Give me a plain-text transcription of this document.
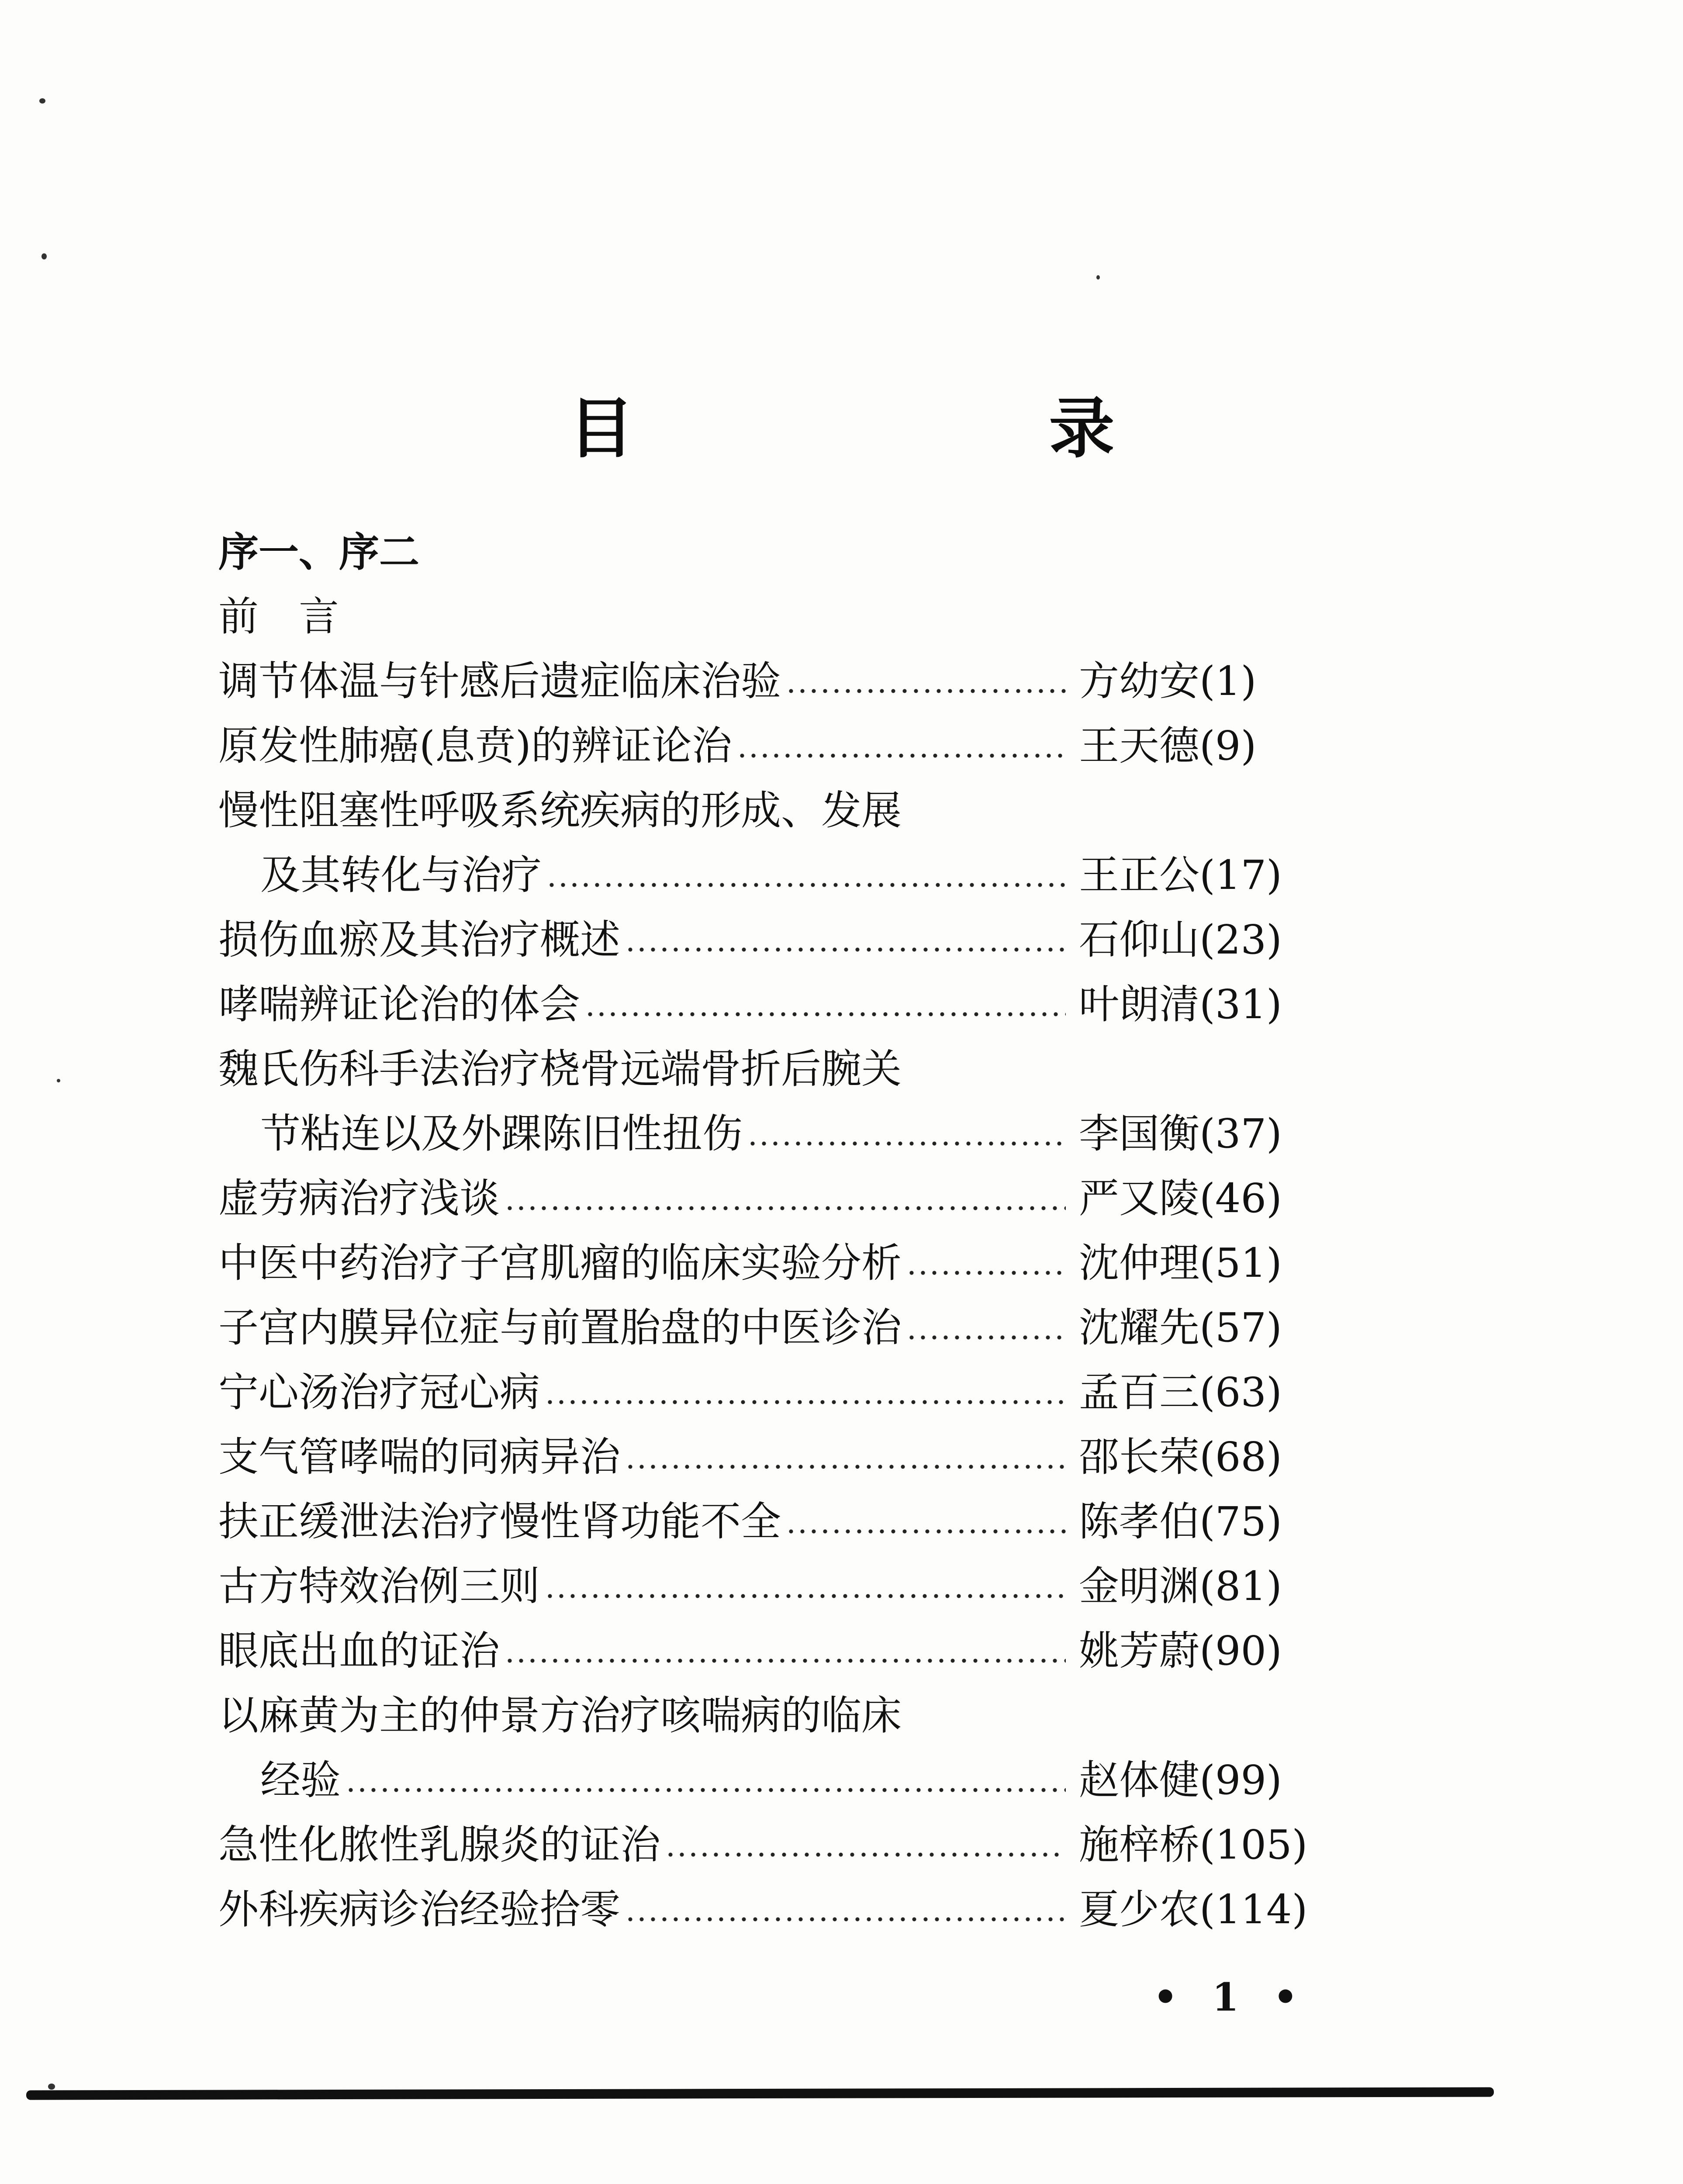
目　录
序一、序二
前　言
调节体温与针感后遗症临床治验	方幼安(1)
原发性肺癌(息贲)的辨证论治	王天德(9)
慢性阻塞性呼吸系统疾病的形成、发展
及其转化与治疗	王正公(17)
损伤血瘀及其治疗概述	石仰山(23)
哮喘辨证论治的体会	叶朗清(31)
魏氏伤科手法治疗桡骨远端骨折后腕关
节粘连以及外踝陈旧性扭伤	李国衡(37)
虚劳病治疗浅谈	严又陵(46)
中医中药治疗子宫肌瘤的临床实验分析	沈仲理(51)
子宫内膜异位症与前置胎盘的中医诊治	沈耀先(57)
宁心汤治疗冠心病	孟百三(63)
支气管哮喘的同病异治	邵长荣(68)
扶正缓泄法治疗慢性肾功能不全	陈孝伯(75)
古方特效治例三则	金明渊(81)
眼底出血的证治	姚芳蔚(90)
以麻黄为主的仲景方治疗咳喘病的临床
经验	赵体健(99)
急性化脓性乳腺炎的证治	施梓桥(105)
外科疾病诊治经验拾零	夏少农(114)
• 1 •
